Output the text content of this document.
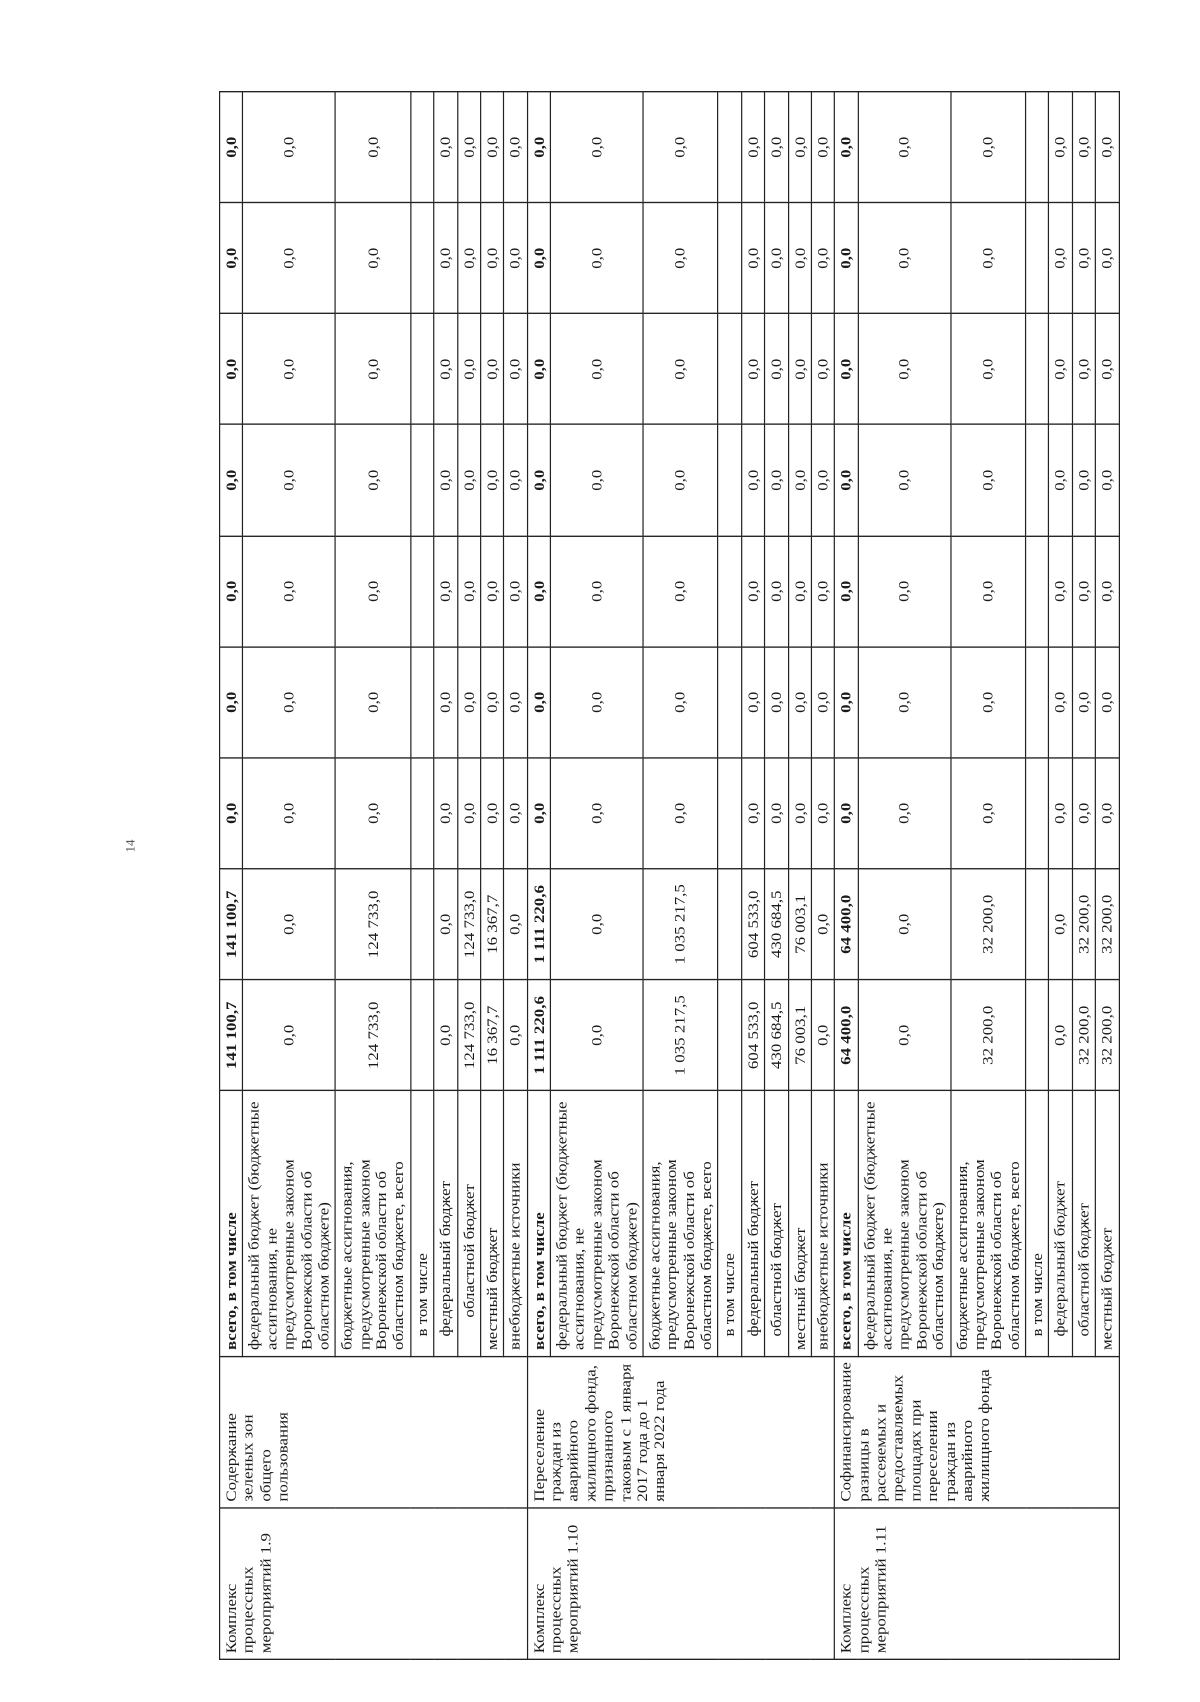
14
Комплекс процессных мероприятий 1.9	Содержание зеленых зон общего пользования	всего, в том числе	141 100,7	141 100,7	0,0	0,0	0,0	0,0	0,0	0,0	0,0
		федеральный бюджет (бюджетные ассигнования, не предусмотренные законом Воронежской области об областном бюджете)	0,0	0,0	0,0	0,0	0,0	0,0	0,0	0,0	0,0
		бюджетные ассигнования, предусмотренные законом Воронежской области об областном бюджете, всего	124 733,0	124 733,0	0,0	0,0	0,0	0,0	0,0	0,0	0,0
		в том числе									
		федеральный бюджет	0,0	0,0	0,0	0,0	0,0	0,0	0,0	0,0	0,0
		областной бюджет	124 733,0	124 733,0	0,0	0,0	0,0	0,0	0,0	0,0	0,0
		местный бюджет	16 367,7	16 367,7	0,0	0,0	0,0	0,0	0,0	0,0	0,0
		внебюджетные источники	0,0	0,0	0,0	0,0	0,0	0,0	0,0	0,0	0,0
Комплекс процессных мероприятий 1.10	Переселение граждан из аварийного жилищного фонда, признанного таковым с 1 января 2017 года до 1 января 2022 года	всего, в том числе	1 111 220,6	1 111 220,6	0,0	0,0	0,0	0,0	0,0	0,0	0,0
		федеральный бюджет (бюджетные ассигнования, не предусмотренные законом Воронежской области об областном бюджете)	0,0	0,0	0,0	0,0	0,0	0,0	0,0	0,0	0,0
		бюджетные ассигнования, предусмотренные законом Воронежской области об областном бюджете, всего	1 035 217,5	1 035 217,5	0,0	0,0	0,0	0,0	0,0	0,0	0,0
		в том числе									
		федеральный бюджет	604 533,0	604 533,0	0,0	0,0	0,0	0,0	0,0	0,0	0,0
		областной бюджет	430 684,5	430 684,5	0,0	0,0	0,0	0,0	0,0	0,0	0,0
		местный бюджет	76 003,1	76 003,1	0,0	0,0	0,0	0,0	0,0	0,0	0,0
		внебюджетные источники	0,0	0,0	0,0	0,0	0,0	0,0	0,0	0,0	0,0
Комплекс процессных мероприятий 1.11	Софинансирование разницы в рассеяемых и предоставляемых площадях при переселении граждан из аварийного жилищного фонда	всего, в том числе	64 400,0	64 400,0	0,0	0,0	0,0	0,0	0,0	0,0	0,0
		федеральный бюджет (бюджетные ассигнования, не предусмотренные законом Воронежской области об областном бюджете)	0,0	0,0	0,0	0,0	0,0	0,0	0,0	0,0	0,0
		бюджетные ассигнования, предусмотренные законом Воронежской области об областном бюджете, всего	32 200,0	32 200,0	0,0	0,0	0,0	0,0	0,0	0,0	0,0
		в том числе									
		федеральный бюджет	0,0	0,0	0,0	0,0	0,0	0,0	0,0	0,0	0,0
		областной бюджет	32 200,0	32 200,0	0,0	0,0	0,0	0,0	0,0	0,0	0,0
		местный бюджет	32 200,0	32 200,0	0,0	0,0	0,0	0,0	0,0	0,0	0,0
